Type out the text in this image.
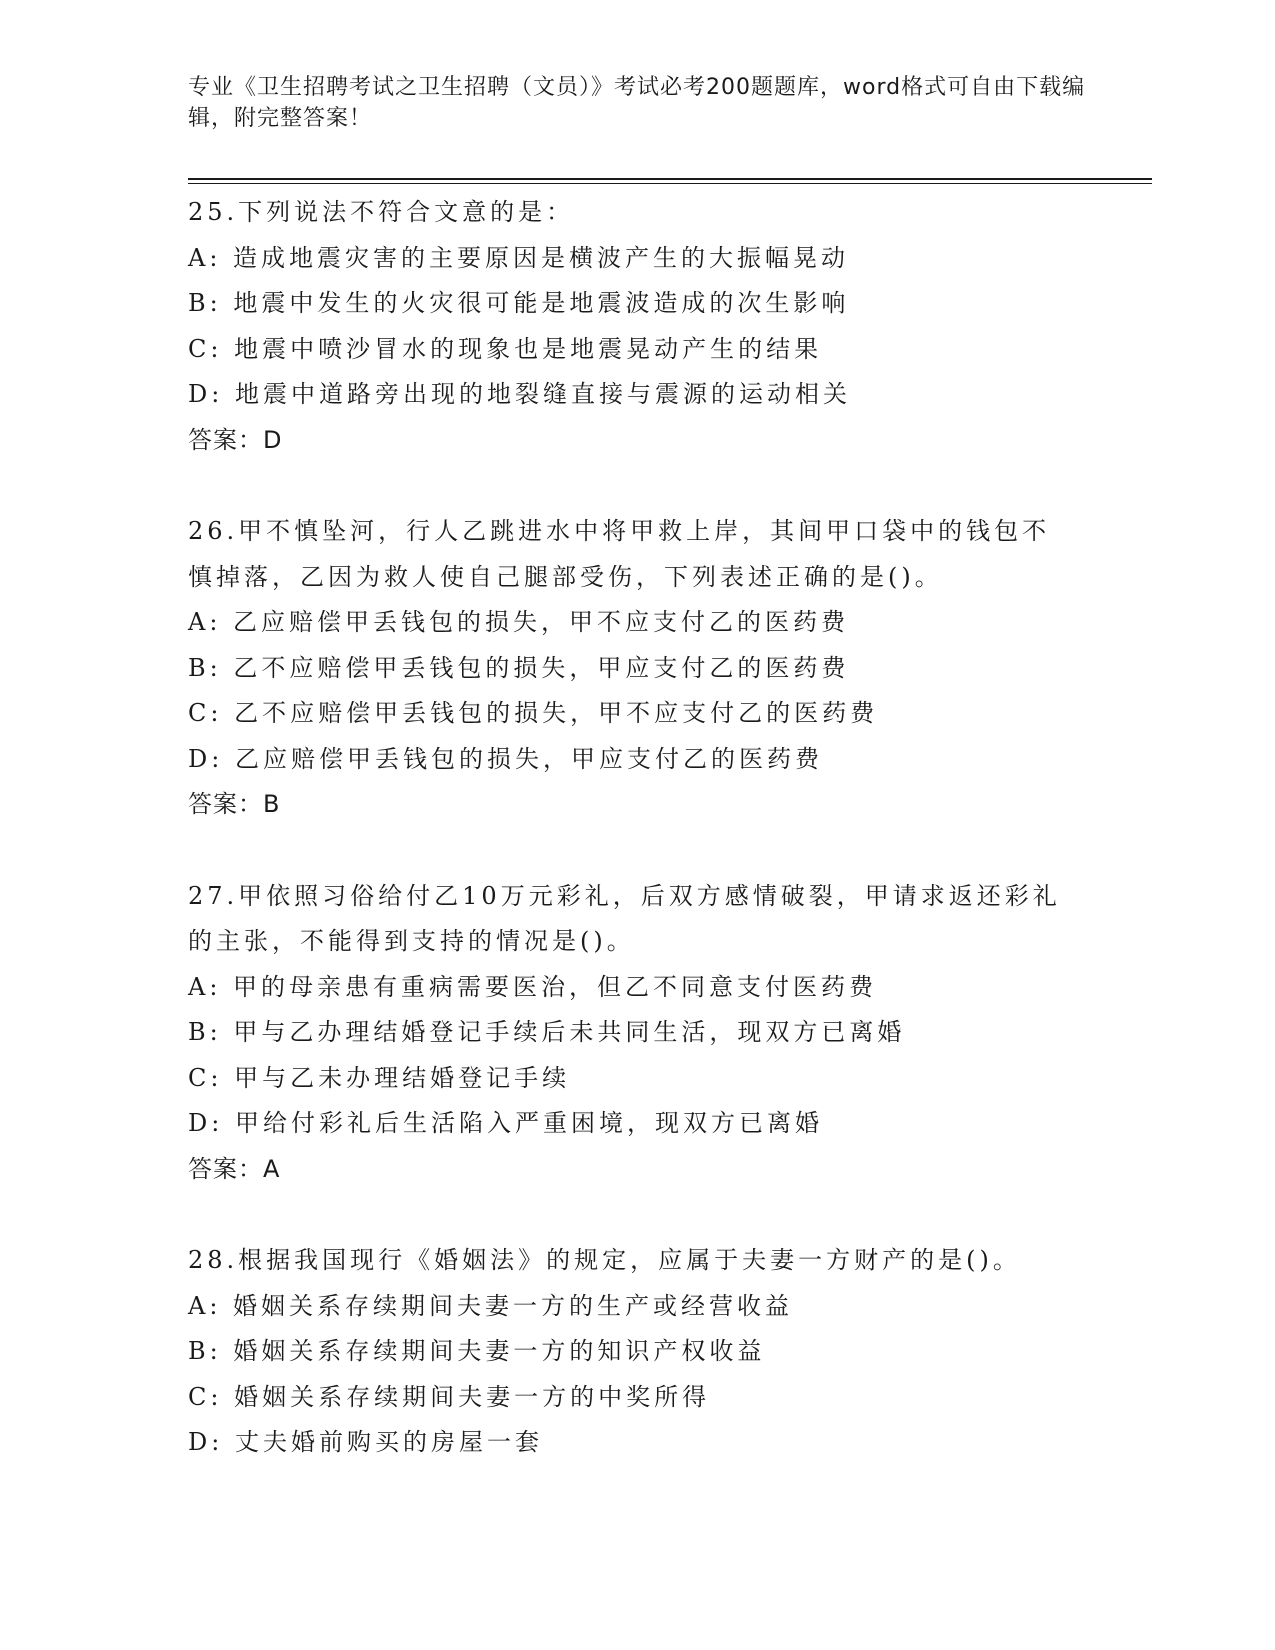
专业《卫生招聘考试之卫生招聘（文员）》考试必考200题题库，word格式可自由下载编辑，附完整答案！
25.下列说法不符合文意的是：
A: 造成地震灾害的主要原因是横波产生的大振幅晃动
B: 地震中发生的火灾很可能是地震波造成的次生影响
C: 地震中喷沙冒水的现象也是地震晃动产生的结果
D: 地震中道路旁出现的地裂缝直接与震源的运动相关
答案：D
26.甲不慎坠河，行人乙跳进水中将甲救上岸，其间甲口袋中的钱包不慎掉落，乙因为救人使自己腿部受伤，下列表述正确的是()。
A: 乙应赔偿甲丢钱包的损失，甲不应支付乙的医药费
B: 乙不应赔偿甲丢钱包的损失，甲应支付乙的医药费
C: 乙不应赔偿甲丢钱包的损失，甲不应支付乙的医药费
D: 乙应赔偿甲丢钱包的损失，甲应支付乙的医药费
答案：B
27.甲依照习俗给付乙10万元彩礼，后双方感情破裂，甲请求返还彩礼的主张，不能得到支持的情况是()。
A: 甲的母亲患有重病需要医治，但乙不同意支付医药费
B: 甲与乙办理结婚登记手续后未共同生活，现双方已离婚
C: 甲与乙未办理结婚登记手续
D: 甲给付彩礼后生活陷入严重困境，现双方已离婚
答案：A
28.根据我国现行《婚姻法》的规定，应属于夫妻一方财产的是()。
A: 婚姻关系存续期间夫妻一方的生产或经营收益
B: 婚姻关系存续期间夫妻一方的知识产权收益
C: 婚姻关系存续期间夫妻一方的中奖所得
D: 丈夫婚前购买的房屋一套
